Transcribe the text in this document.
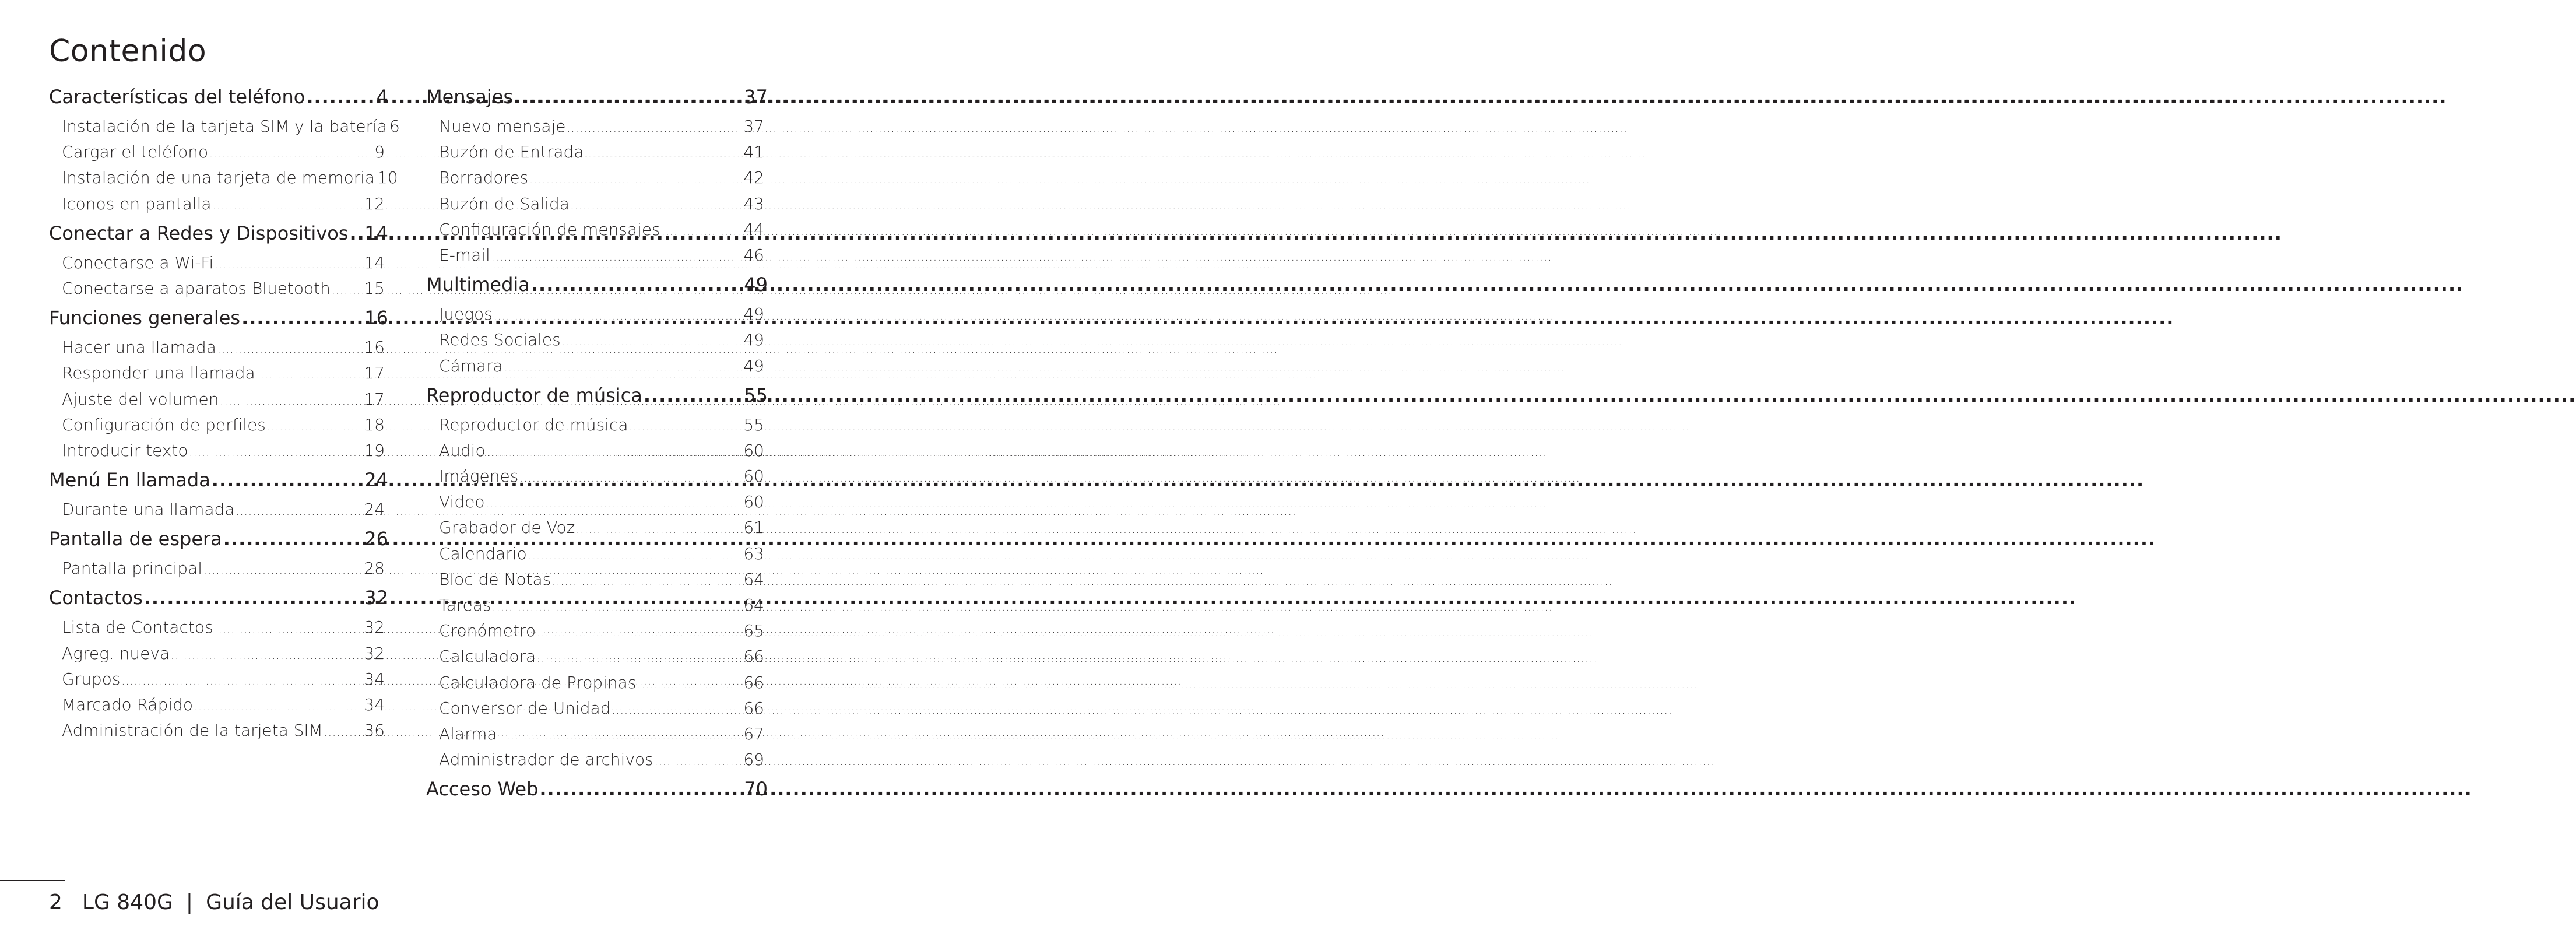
Contenido
Características del teléfono .....	4
Instalación de la tarjeta SIM y la batería 6
Cargar el teléfono .....	9
Instalación de una tarjeta de memoria 10
Iconos en pantalla .....	12
Conectar a Redes y Dispositivos ..... 14
Conectarse a Wi-Fi .....	14
Conectarse a aparatos Bluetooth ..... 15
Funciones generales .....	16
Hacer una llamada .....	16
Responder una llamada .....	17
Ajuste del volumen .....	17
Configuración de perfiles .....	18
Introducir texto .....	19
Menú En llamada .....	24
Durante una llamada .....	24
Pantalla de espera .....	26
Pantalla principal .....	28
Contactos .....	32
Lista de Contactos .....	32
Agreg. nueva .....	32
Grupos .....	34
Marcado Rápido .....	34
Administración de la tarjeta SIM .....	36
Mensajes .....	37
Nuevo mensaje .....	37
Buzón de Entrada .....	41
Borradores .....	42
Buzón de Salida .....	43
Configuración de mensajes .....	44
E-mail .....	46
Multimedia .....	49
Juegos .....	49
Redes Sociales .....	49
Cámara .....	49
Reproductor de música .....	55
Reproductor de música .....	55
Audio .....	60
Imágenes .....	60
Video .....	60
Grabador de Voz .....	61
Calendario .....	63
Bloc de Notas .....	64
Tareas .....	64
Cronómetro .....	65
Calculadora .....	66
Calculadora de Propinas .....	66
Conversor de Unidad .....	66
Alarma .....	67
Administrador de archivos .....	69
Acceso Web .....	70
2 LG 840G | Guía del Usuario
